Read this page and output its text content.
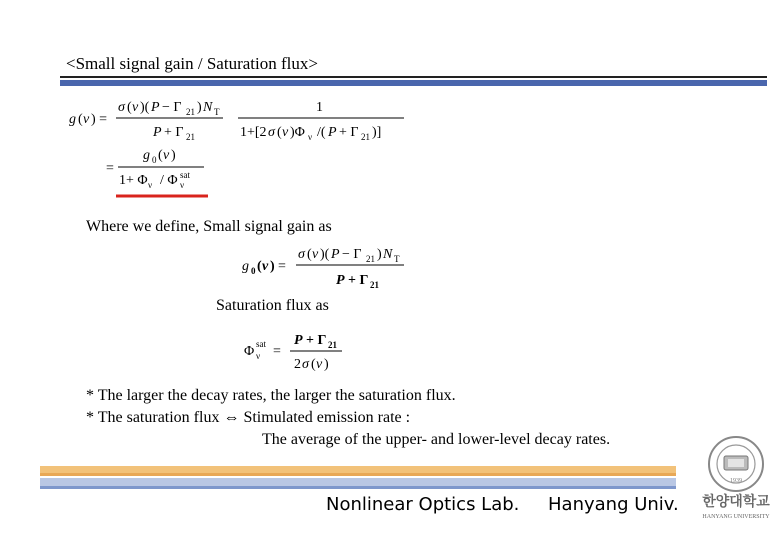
<Small signal gain / Saturation flux>
g ( ν ) =
σ ( ν )( P − Γ 21 ) N T
P + Γ 21
1
1+[2 σ ( ν )Φ ν /( P + Γ 21 )]
=
g 0 ( ν )
1+ Φ ν / Φ ν
sat
Where we define, Small signal gain as
g 0 ( ν ) =
σ ( ν )( P − Γ 21 ) N T
P + Γ 21
Saturation flux as
Φ ν
sat =
P + Γ 21
2 σ ( ν )
* The larger the decay rates, the larger the saturation flux.
* The saturation flux ⇔ Stimulated emission rate :
The average of the upper- and lower-level decay rates.
Nonlinear Optics Lab. Hanyang Univ.
1939
한양대학교
HANYANG UNIVERSITY
